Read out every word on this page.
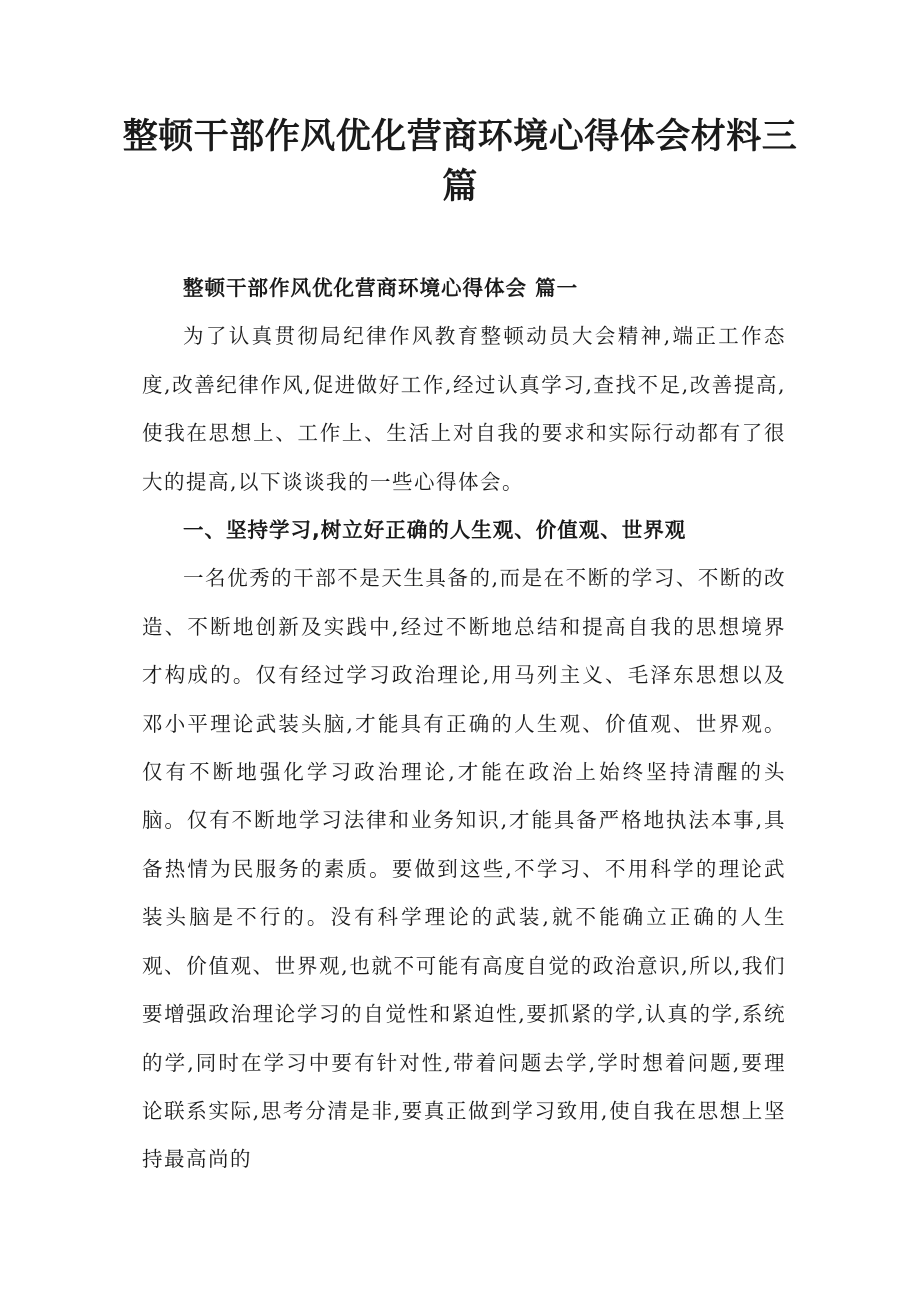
整顿干部作风优化营商环境心得体会材料三篇
整顿干部作风优化营商环境心得体会 篇一

为了认真贯彻局纪律作风教育整顿动员大会精神,端正工作态度,改善纪律作风,促进做好工作,经过认真学习,查找不足,改善提高,使我在思想上、工作上、生活上对自我的要求和实际行动都有了很大的提高,以下谈谈我的一些心得体会。

一、坚持学习,树立好正确的人生观、价值观、世界观

一名优秀的干部不是天生具备的,而是在不断的学习、不断的改造、不断地创新及实践中,经过不断地总结和提高自我的思想境界才构成的。仅有经过学习政治理论,用马列主义、毛泽东思想以及邓小平理论武装头脑,才能具有正确的人生观、价值观、世界观。仅有不断地强化学习政治理论,才能在政治上始终坚持清醒的头脑。仅有不断地学习法律和业务知识,才能具备严格地执法本事,具备热情为民服务的素质。要做到这些,不学习、不用科学的理论武装头脑是不行的。没有科学理论的武装,就不能确立正确的人生观、价值观、世界观,也就不可能有高度自觉的政治意识,所以,我们要增强政治理论学习的自觉性和紧迫性,要抓紧的学,认真的学,系统的学,同时在学习中要有针对性,带着问题去学,学时想着问题,要理论联系实际,思考分清是非,要真正做到学习致用,使自我在思想上坚持最高尚的
